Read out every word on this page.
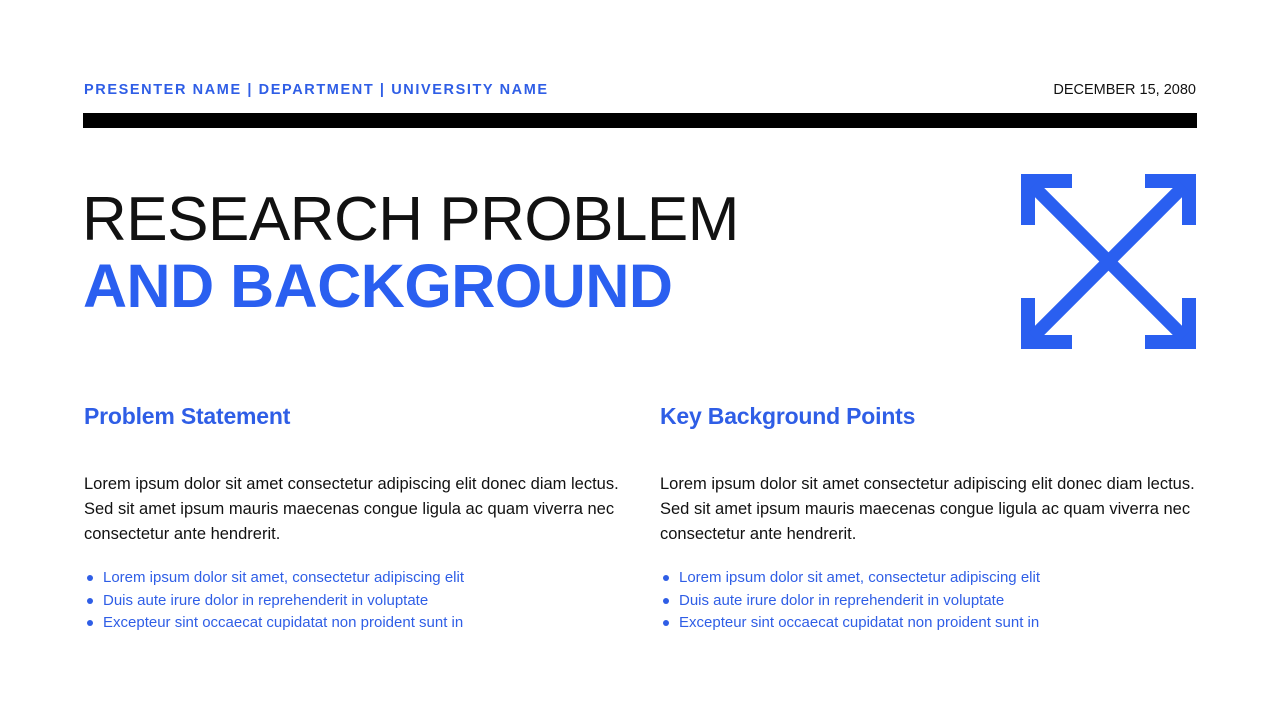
PRESENTER NAME | DEPARTMENT | UNIVERSITY NAME	DECEMBER 15, 2080
RESEARCH PROBLEM
AND BACKGROUND
Problem Statement

Lorem ipsum dolor sit amet consectetur adipiscing elit donec diam lectus. Sed sit amet ipsum mauris maecenas congue ligula ac quam viverra nec consectetur ante hendrerit.

Lorem ipsum dolor sit amet, consectetur adipiscing elit
Duis aute irure dolor in reprehenderit in voluptate
Excepteur sint occaecat cupidatat non proident sunt in
Key Background Points

Lorem ipsum dolor sit amet consectetur adipiscing elit donec diam lectus. Sed sit amet ipsum mauris maecenas congue ligula ac quam viverra nec consectetur ante hendrerit.

Lorem ipsum dolor sit amet, consectetur adipiscing elit
Duis aute irure dolor in reprehenderit in voluptate
Excepteur sint occaecat cupidatat non proident sunt in
